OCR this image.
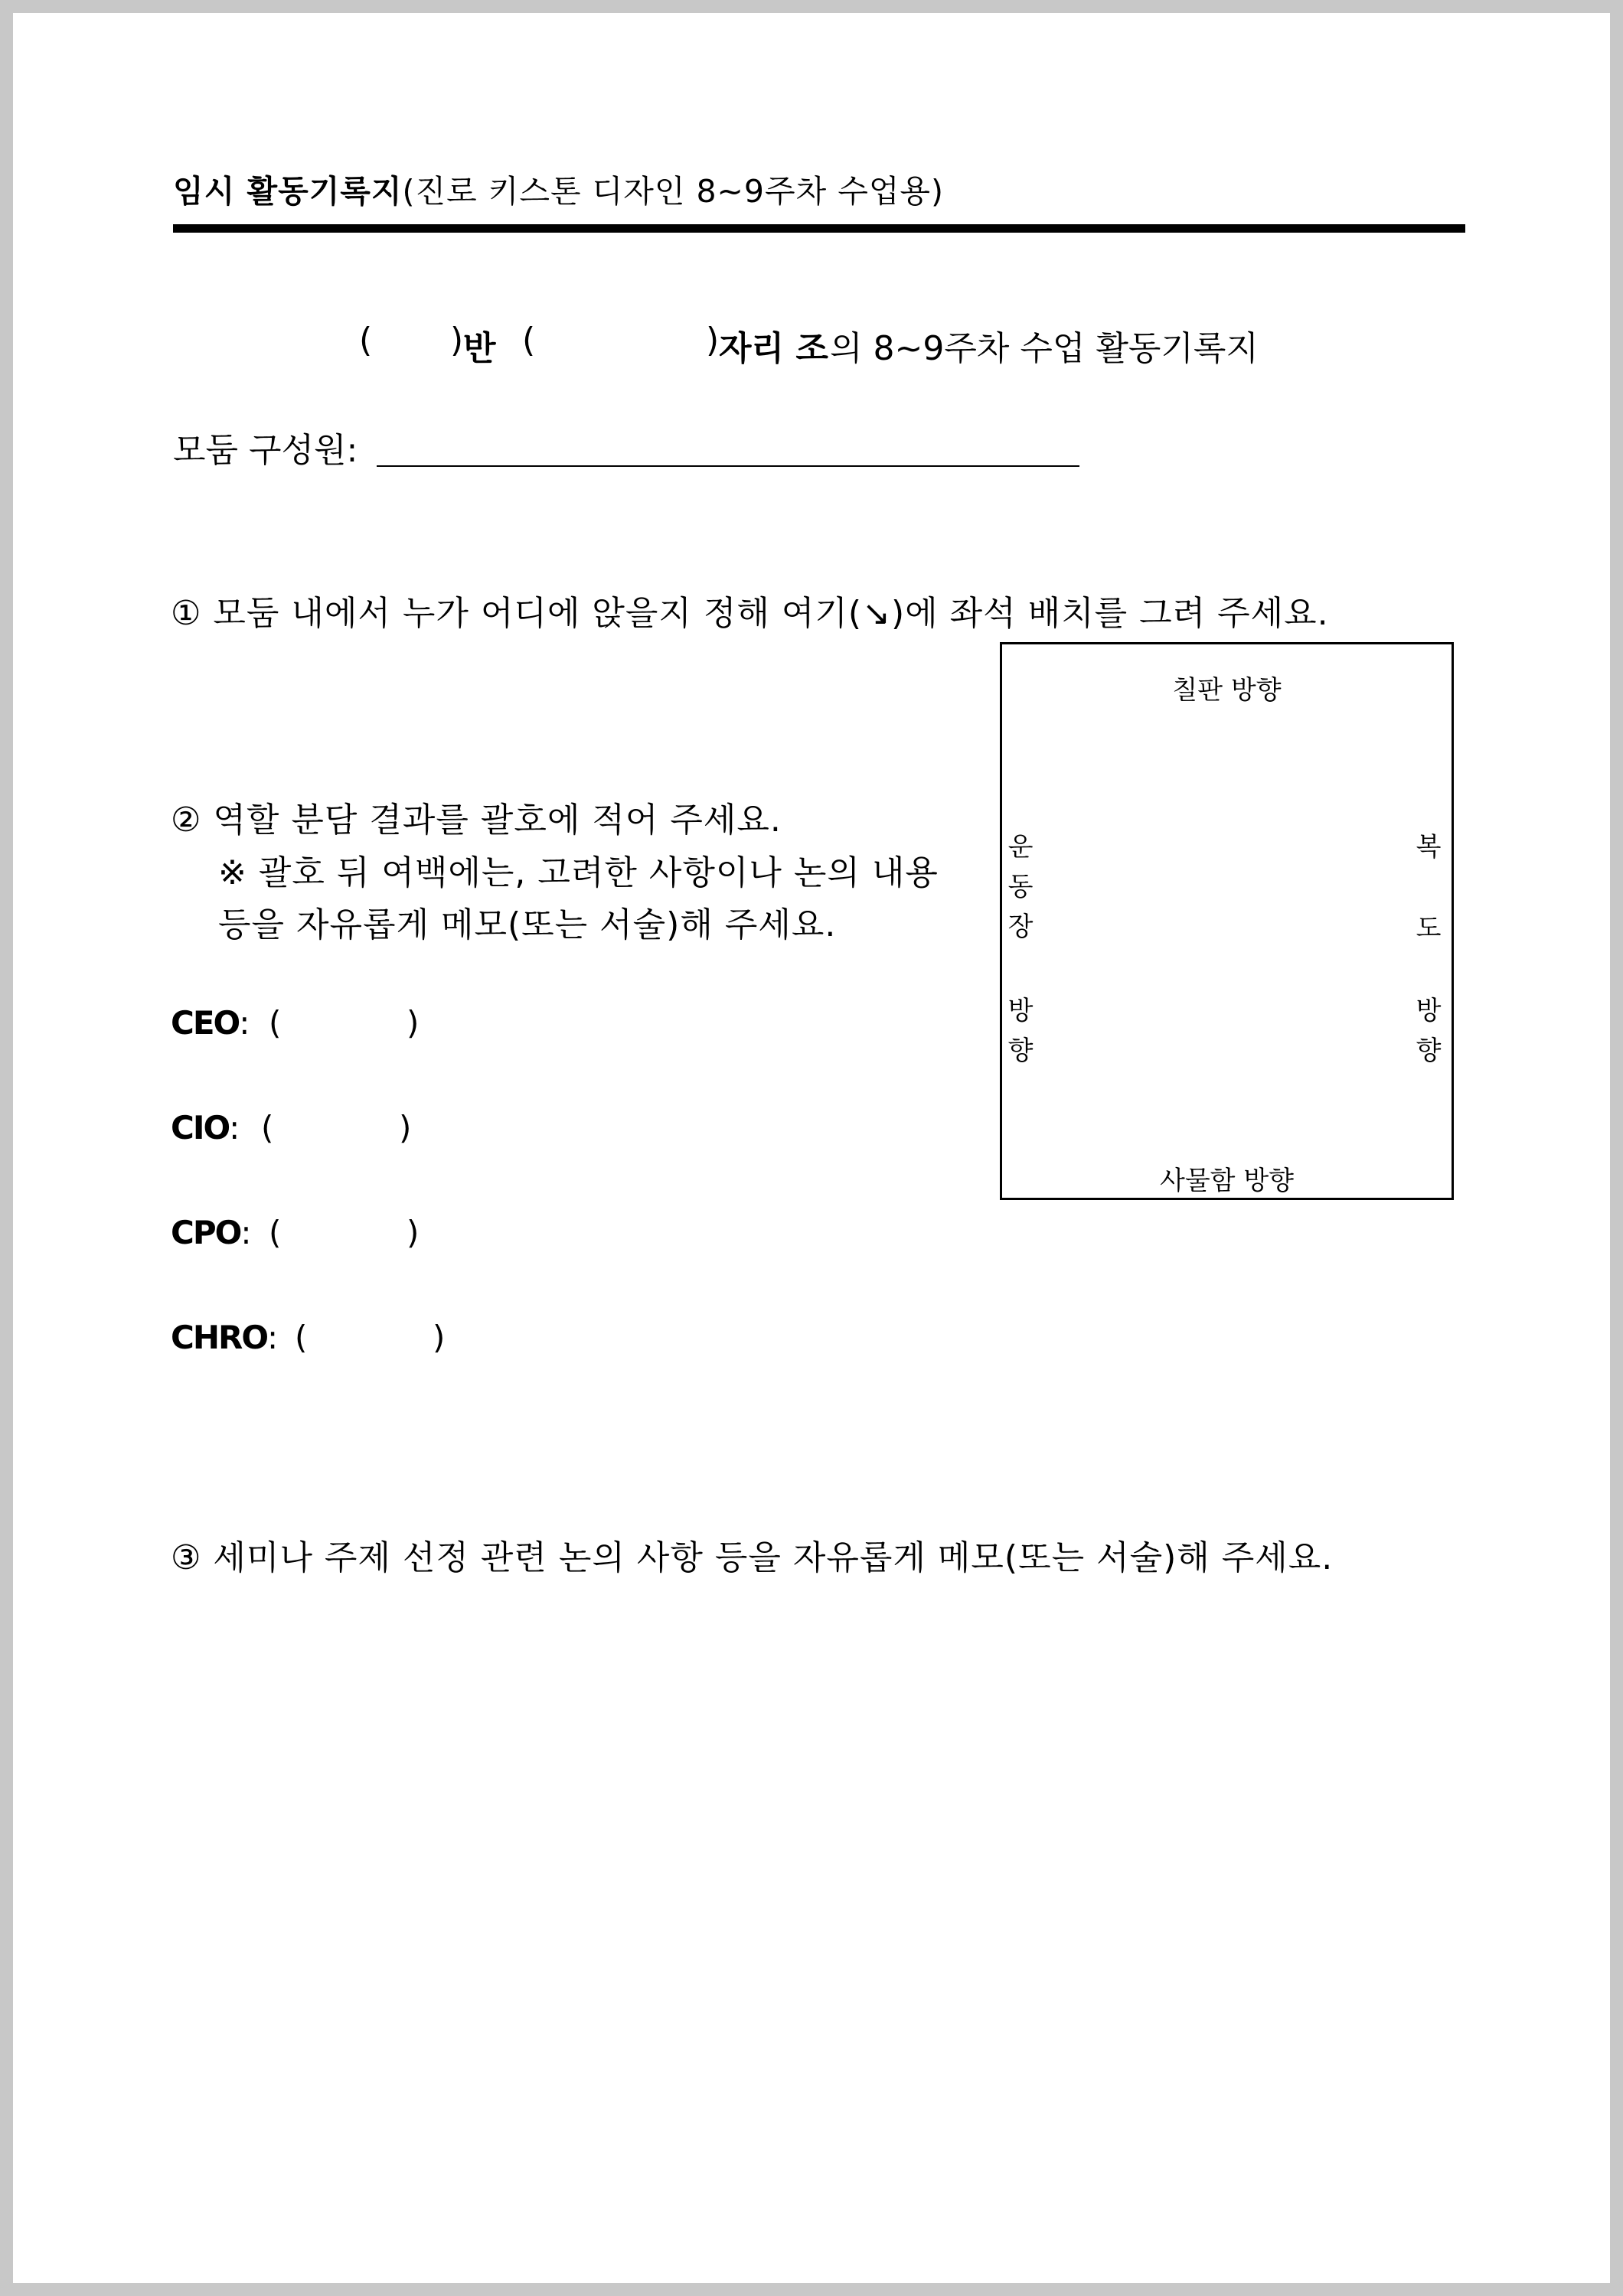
임시 활동기록지(진로 키스톤 디자인 8~9주차 수업용)
( ) 반 (	) 자리 조 의 8~9주차 수업 활동기록지
모둠 구성원:
① 모둠 내에서 누가 어디에 앉을지 정해 여기(↘)에 좌석 배치를 그려 주세요.
칠판 방향
사물함 방향
운
동
장
방
향
복
도
방
향
② 역할 분담 결과를 괄호에 적어 주세요.
※ 괄호 뒤 여백에는, 고려한 사항이나 논의 내용
등을 자유롭게 메모(또는 서술)해 주세요.
CEO: (	)
CIO: (	)
CPO: (	)
CHRO: (	)
③ 세미나 주제 선정 관련 논의 사항 등을 자유롭게 메모(또는 서술)해 주세요.
